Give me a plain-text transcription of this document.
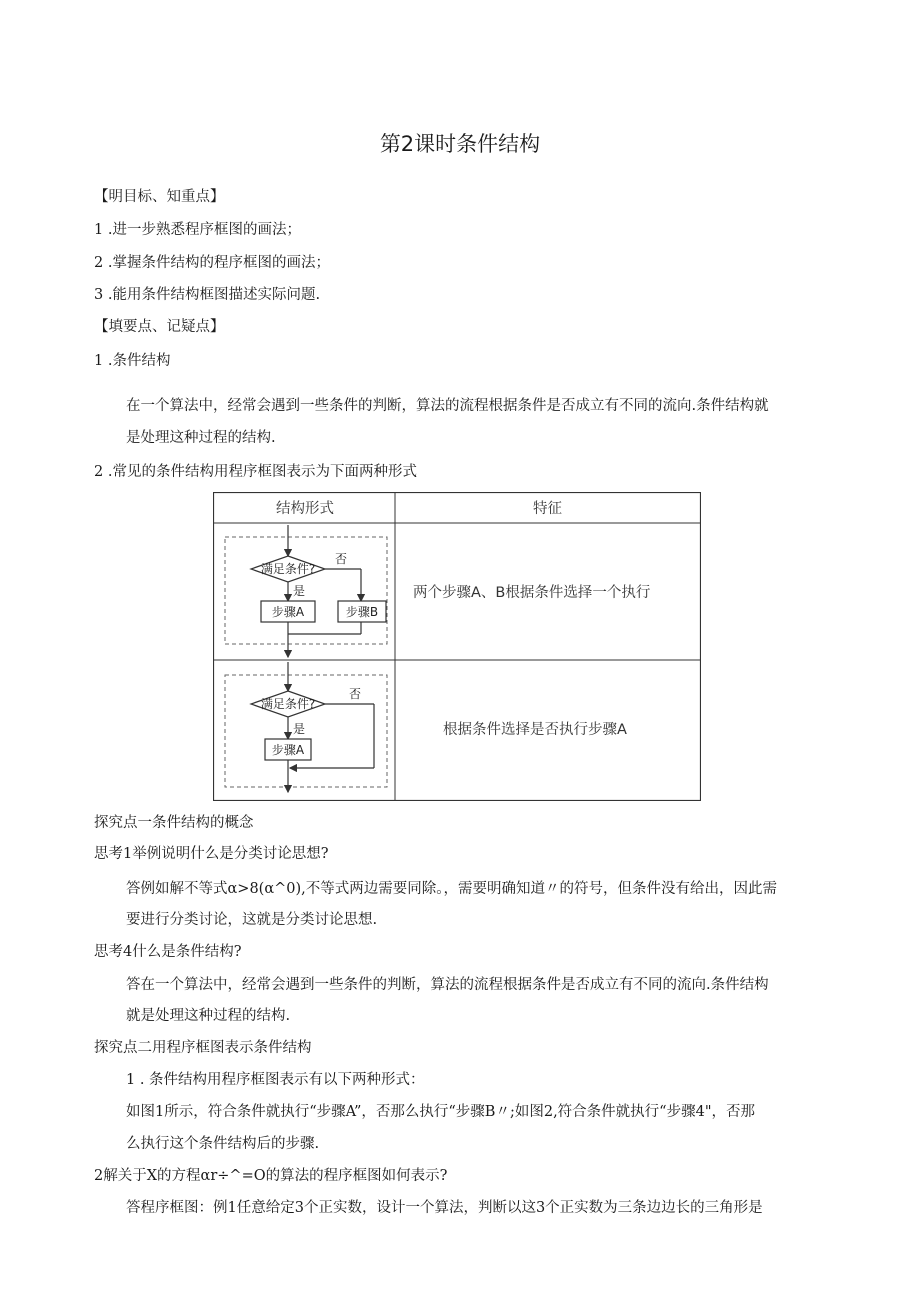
第2课时条件结构
【明目标、知重点】
1 .进一步熟悉程序框图的画法；
2 .掌握条件结构的程序框图的画法；
3 .能用条件结构框图描述实际问题.
【填要点、记疑点】
1 .条件结构
在一个算法中，经常会遇到一些条件的判断，算法的流程根据条件是否成立有不同的流向.条件结构就
是处理这种过程的结构.
2 .常见的条件结构用程序框图表示为下面两种形式
满足条件?
否
是
步骤A	步骤B
满足条件?
否
是
步骤A
结构形式	特征
两个步骤A、B根据条件选择一个执行
根据条件选择是否执行步骤A
探究点一条件结构的概念
思考1举例说明什么是分类讨论思想?
答例如解不等式α>8(α^0),不等式两边需要同除。，需要明确知道〃的符号，但条件没有给出，因此需
要进行分类讨论，这就是分类讨论思想.
思考4什么是条件结构?
答在一个算法中，经常会遇到一些条件的判断，算法的流程根据条件是否成立有不同的流向.条件结构
就是处理这种过程的结构.
探究点二用程序框图表示条件结构
1 . 条件结构用程序框图表示有以下两种形式：
如图1所示，符合条件就执行“步骤A”，否那么执行“步骤B〃;如图2,符合条件就执行“步骤4"，否那
么执行这个条件结构后的步骤.
2解关于X的方程αr÷^=O的算法的程序框图如何表示?
答程序框图：例1任意给定3个正实数，设计一个算法，判断以这3个正实数为三条边边长的三角形是
